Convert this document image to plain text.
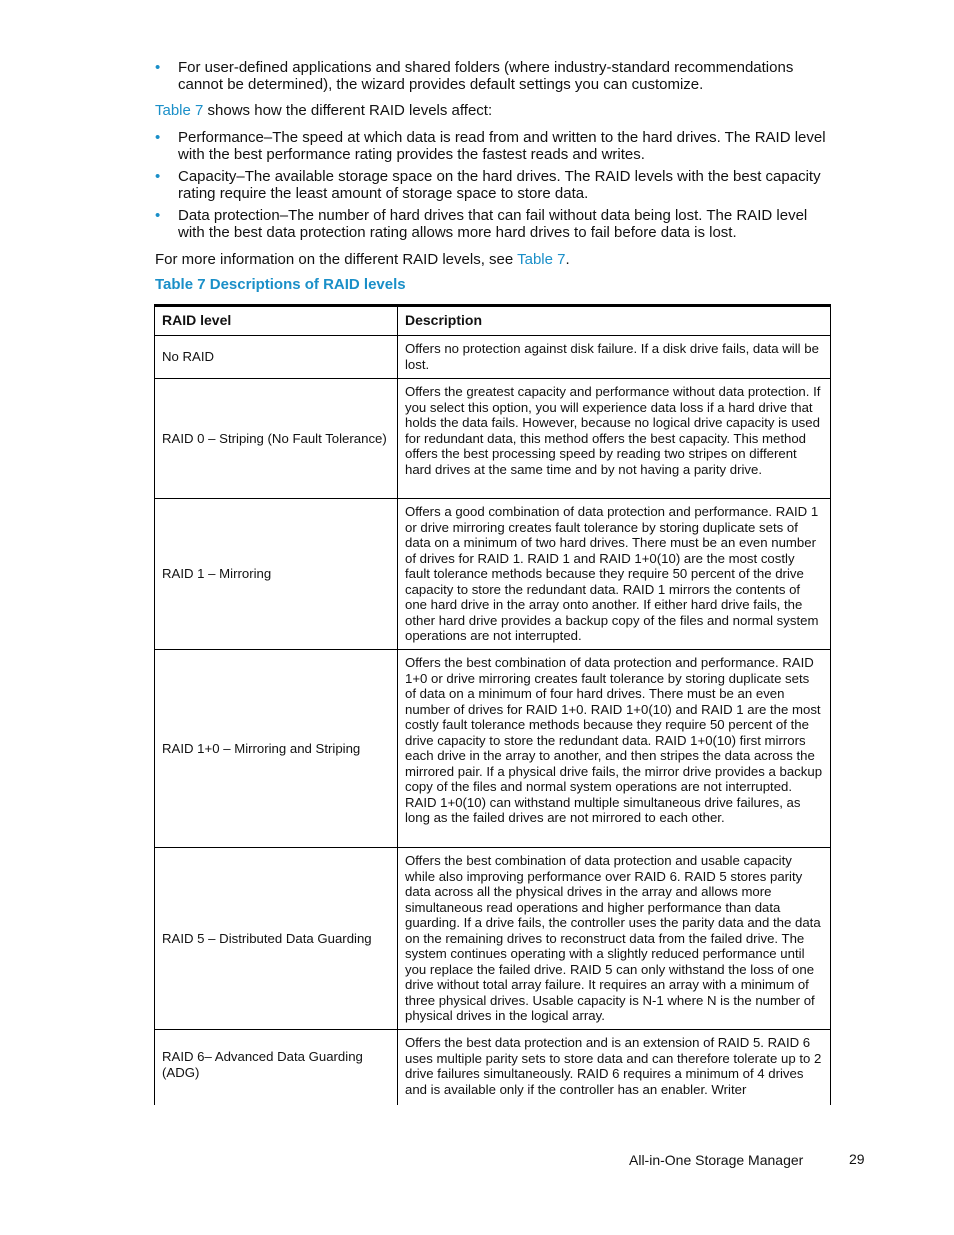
• For user-defined applications and shared folders (where industry-standard recommendations cannot be determined), the wizard provides default settings you can customize.

Table 7 shows how the different RAID levels affect:

• Performance–The speed at which data is read from and written to the hard drives. The RAID level with the best performance rating provides the fastest reads and writes.
• Capacity–The available storage space on the hard drives. The RAID levels with the best capacity rating require the least amount of storage space to store data.
• Data protection–The number of hard drives that can fail without data being lost. The RAID level with the best data protection rating allows more hard drives to fail before data is lost.

For more information on the different RAID levels, see Table 7.

Table 7 Descriptions of RAID levels

RAID level	Description
No RAID	Offers no protection against disk failure. If a disk drive fails, data will be lost.
RAID 0 – Striping (No Fault Tolerance)	Offers the greatest capacity and performance without data protection. If you select this option, you will experience data loss if a hard drive that holds the data fails. However, because no logical drive capacity is used for redundant data, this method offers the best capacity. This method offers the best processing speed by reading two stripes on different hard drives at the same time and by not having a parity drive.
RAID 1 – Mirroring	Offers a good combination of data protection and performance. RAID 1 or drive mirroring creates fault tolerance by storing duplicate sets of data on a minimum of two hard drives. There must be an even number of drives for RAID 1. RAID 1 and RAID 1+0(10) are the most costly fault tolerance methods because they require 50 percent of the drive capacity to store the redundant data. RAID 1 mirrors the contents of one hard drive in the array onto another. If either hard drive fails, the other hard drive provides a backup copy of the files and normal system operations are not interrupted.
RAID 1+0 – Mirroring and Striping	Offers the best combination of data protection and performance. RAID 1+0 or drive mirroring creates fault tolerance by storing duplicate sets of data on a minimum of four hard drives. There must be an even number of drives for RAID 1+0. RAID 1+0(10) and RAID 1 are the most costly fault tolerance methods because they require 50 percent of the drive capacity to store the redundant data. RAID 1+0(10) first mirrors each drive in the array to another, and then stripes the data across the mirrored pair. If a physical drive fails, the mirror drive provides a backup copy of the files and normal system operations are not interrupted. RAID 1+0(10) can withstand multiple simultaneous drive failures, as long as the failed drives are not mirrored to each other.
RAID 5 – Distributed Data Guarding	Offers the best combination of data protection and usable capacity while also improving performance over RAID 6. RAID 5 stores parity data across all the physical drives in the array and allows more simultaneous read operations and higher performance than data guarding. If a drive fails, the controller uses the parity data and the data on the remaining drives to reconstruct data from the failed drive. The system continues operating with a slightly reduced performance until you replace the failed drive. RAID 5 can only withstand the loss of one drive without total array failure. It requires an array with a minimum of three physical drives. Usable capacity is N-1 where N is the number of physical drives in the logical array.
RAID 6– Advanced Data Guarding (ADG)	Offers the best data protection and is an extension of RAID 5. RAID 6 uses multiple parity sets to store data and can therefore tolerate up to 2 drive failures simultaneously. RAID 6 requires a minimum of 4 drives and is available only if the controller has an enabler. Writer
All-in-One Storage Manager	29
